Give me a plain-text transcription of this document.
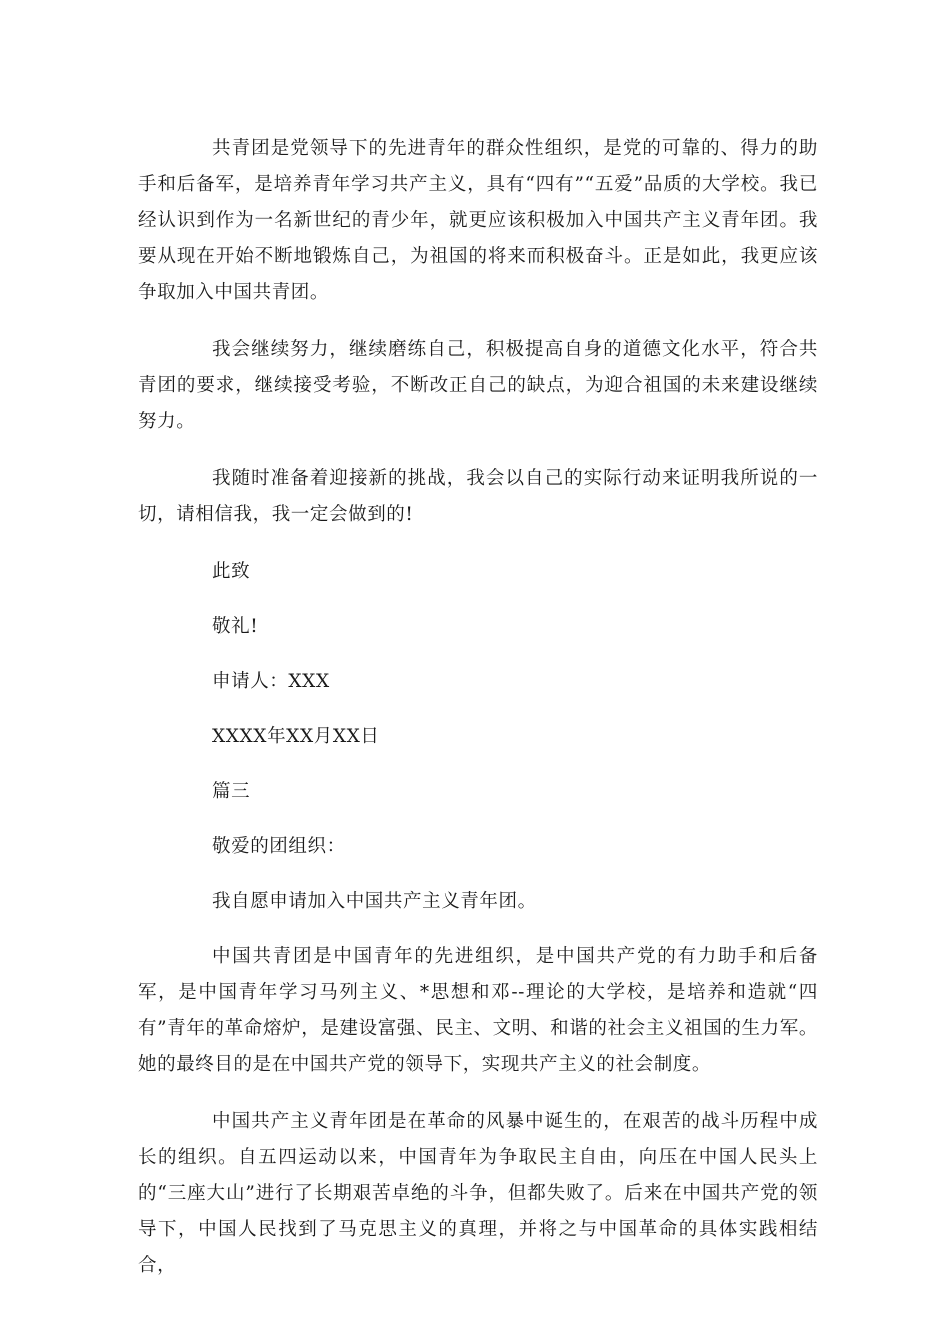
共青团是党领导下的先进青年的群众性组织，是党的可靠的、得力的助手和后备军，是培养青年学习共产主义，具有“四有”“五爱”品质的大学校。我已经认识到作为一名新世纪的青少年，就更应该积极加入中国共产主义青年团。我要从现在开始不断地锻炼自己，为祖国的将来而积极奋斗。正是如此，我更应该争取加入中国共青团。

我会继续努力，继续磨练自己，积极提高自身的道德文化水平，符合共青团的要求，继续接受考验，不断改正自己的缺点，为迎合祖国的未来建设继续努力。

我随时准备着迎接新的挑战，我会以自己的实际行动来证明我所说的一切，请相信我，我一定会做到的!

此致

敬礼!

申请人：XXX

XXXX年XX月XX日

篇三

敬爱的团组织：

我自愿申请加入中国共产主义青年团。

中国共青团是中国青年的先进组织，是中国共产党的有力助手和后备军，是中国青年学习马列主义、*思想和邓--理论的大学校，是培养和造就“四有”青年的革命熔炉，是建设富强、民主、文明、和谐的社会主义祖国的生力军。她的最终目的是在中国共产党的领导下，实现共产主义的社会制度。

中国共产主义青年团是在革命的风暴中诞生的，在艰苦的战斗历程中成长的组织。自五四运动以来，中国青年为争取民主自由，向压在中国人民头上的“三座大山”进行了长期艰苦卓绝的斗争，但都失败了。后来在中国共产党的领导下，中国人民找到了马克思主义的真理，并将之与中国革命的具体实践相结合，
